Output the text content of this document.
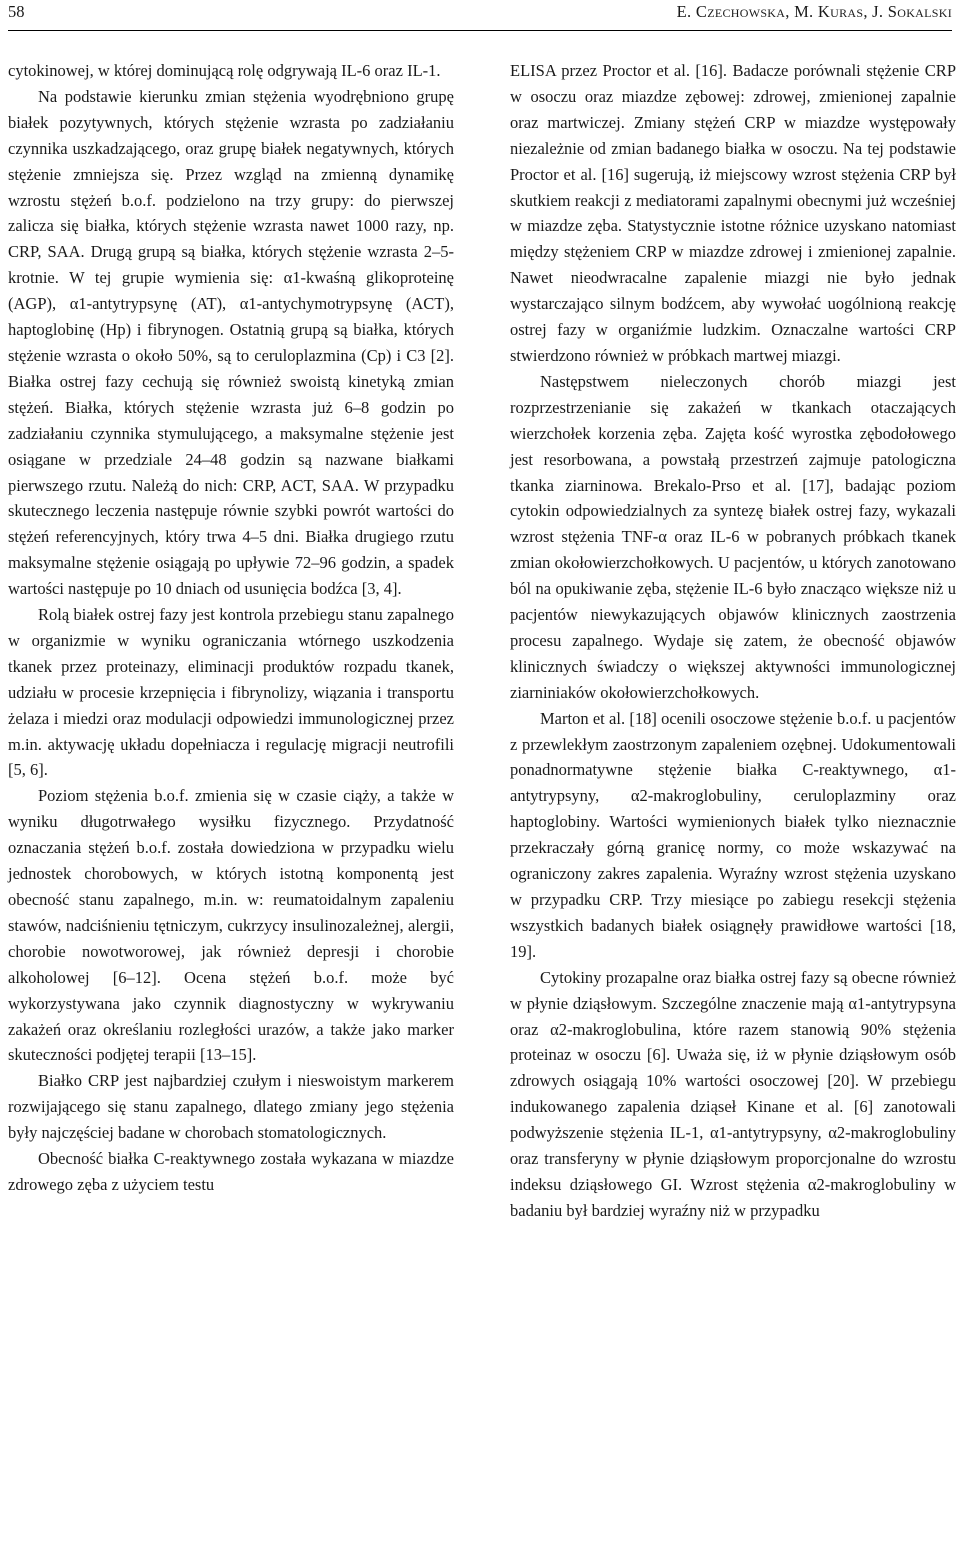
58	E. Czechowska, M. Kuras, J. Sokalski

cytokinowej, w której dominującą rolę odgrywają IL-6 oraz IL-1.

Na podstawie kierunku zmian stężenia wyodrębniono grupę białek pozytywnych, których stężenie wzrasta po zadziałaniu czynnika uszkadzającego, oraz grupę białek negatywnych, których stężenie zmniejsza się. Przez wzgląd na zmienną dynamikę wzrostu stężeń b.o.f. podzielono na trzy grupy: do pierwszej zalicza się białka, których stężenie wzrasta nawet 1000 razy, np. CRP, SAA. Drugą grupą są białka, których stężenie wzrasta 2–5-krotnie. W tej grupie wymienia się: α1-kwaśną glikoproteinę (AGP), α1-antytrypsynę (AT), α1-antychymotrypsynę (ACT), haptoglobinę (Hp) i fibrynogen. Ostatnią grupą są białka, których stężenie wzrasta o około 50%, są to ceruloplazmina (Cp) i C3 [2]. Białka ostrej fazy cechują się również swoistą kinetyką zmian stężeń. Białka, których stężenie wzrasta już 6–8 godzin po zadziałaniu czynnika stymulującego, a maksymalne stężenie jest osiągane w przedziale 24–48 godzin są nazwane białkami pierwszego rzutu. Należą do nich: CRP, ACT, SAA. W przypadku skutecznego leczenia następuje równie szybki powrót wartości do stężeń referencyjnych, który trwa 4–5 dni. Białka drugiego rzutu maksymalne stężenie osiągają po upływie 72–96 godzin, a spadek wartości następuje po 10 dniach od usunięcia bodźca [3, 4].

Rolą białek ostrej fazy jest kontrola przebiegu stanu zapalnego w organizmie w wyniku ograniczania wtórnego uszkodzenia tkanek przez proteinazy, eliminacji produktów rozpadu tkanek, udziału w procesie krzepnięcia i fibrynolizy, wiązania i transportu żelaza i miedzi oraz modulacji odpowiedzi immunologicznej przez m.in. aktywację układu dopełniacza i regulację migracji neutrofili [5, 6].

Poziom stężenia b.o.f. zmienia się w czasie ciąży, a także w wyniku długotrwałego wysiłku fizycznego. Przydatność oznaczania stężeń b.o.f. została dowiedziona w przypadku wielu jednostek chorobowych, w których istotną komponentą jest obecność stanu zapalnego, m.in. w: reumatoidalnym zapaleniu stawów, nadciśnieniu tętniczym, cukrzycy insulinozależnej, alergii, chorobie nowotworowej, jak również depresji i chorobie alkoholowej [6–12]. Ocena stężeń b.o.f. może być wykorzystywana jako czynnik diagnostyczny w wykrywaniu zakażeń oraz określaniu rozległości urazów, a także jako marker skuteczności podjętej terapii [13–15].

Białko CRP jest najbardziej czułym i nieswoistym markerem rozwijającego się stanu zapalnego, dlatego zmiany jego stężenia były najczęściej badane w chorobach stomatologicznych.

Obecność białka C-reaktywnego została wykazana w miazdze zdrowego zęba z użyciem testu

ELISA przez Proctor et al. [16]. Badacze porównali stężenie CRP w osoczu oraz miazdze zębowej: zdrowej, zmienionej zapalnie oraz martwiczej. Zmiany stężeń CRP w miazdze występowały niezależnie od zmian badanego białka w osoczu. Na tej podstawie Proctor et al. [16] sugerują, iż miejscowy wzrost stężenia CRP był skutkiem reakcji z mediatorami zapalnymi obecnymi już wcześniej w miazdze zęba. Statystycznie istotne różnice uzyskano natomiast między stężeniem CRP w miazdze zdrowej i zmienionej zapalnie. Nawet nieodwracalne zapalenie miazgi nie było jednak wystarczająco silnym bodźcem, aby wywołać uogólnioną reakcję ostrej fazy w organiźmie ludzkim. Oznaczalne wartości CRP stwierdzono również w próbkach martwej miazgi.

Następstwem nieleczonych chorób miazgi jest rozprzestrzenianie się zakażeń w tkankach otaczających wierzchołek korzenia zęba. Zajęta kość wyrostka zębodołowego jest resorbowana, a powstałą przestrzeń zajmuje patologiczna tkanka ziarninowa. Brekalo-Prso et al. [17], badając poziom cytokin odpowiedzialnych za syntezę białek ostrej fazy, wykazali wzrost stężenia TNF-α oraz IL-6 w pobranych próbkach tkanek zmian okołowierzchołkowych. U pacjentów, u których zanotowano ból na opukiwanie zęba, stężenie IL-6 było znacząco większe niż u pacjentów niewykazujących objawów klinicznych zaostrzenia procesu zapalnego. Wydaje się zatem, że obecność objawów klinicznych świadczy o większej aktywności immunologicznej ziarniniaków okołowierzchołkowych.

Marton et al. [18] ocenili osoczowe stężenie b.o.f. u pacjentów z przewlekłym zaostrzonym zapaleniem ozębnej. Udokumentowali ponadnormatywne stężenie białka C-reaktywnego, α1-antytrypsyny, α2-makroglobuliny, ceruloplazminy oraz haptoglobiny. Wartości wymienionych białek tylko nieznacznie przekraczały górną granicę normy, co może wskazywać na ograniczony zakres zapalenia. Wyraźny wzrost stężenia uzyskano w przypadku CRP. Trzy miesiące po zabiegu resekcji stężenia wszystkich badanych białek osiągnęły prawidłowe wartości [18, 19].

Cytokiny prozapalne oraz białka ostrej fazy są obecne również w płynie dziąsłowym. Szczególne znaczenie mają α1-antytrypsyna oraz α2-makroglobulina, które razem stanowią 90% stężenia proteinaz w osoczu [6]. Uważa się, iż w płynie dziąsłowym osób zdrowych osiągają 10% wartości osoczowej [20]. W przebiegu indukowanego zapalenia dziąseł Kinane et al. [6] zanotowali podwyższenie stężenia IL-1, α1-antytrypsyny, α2-makroglobuliny oraz transferyny w płynie dziąsłowym proporcjonalne do wzrostu indeksu dziąsłowego GI. Wzrost stężenia α2-makroglobuliny w badaniu był bardziej wyraźny niż w przypadku
